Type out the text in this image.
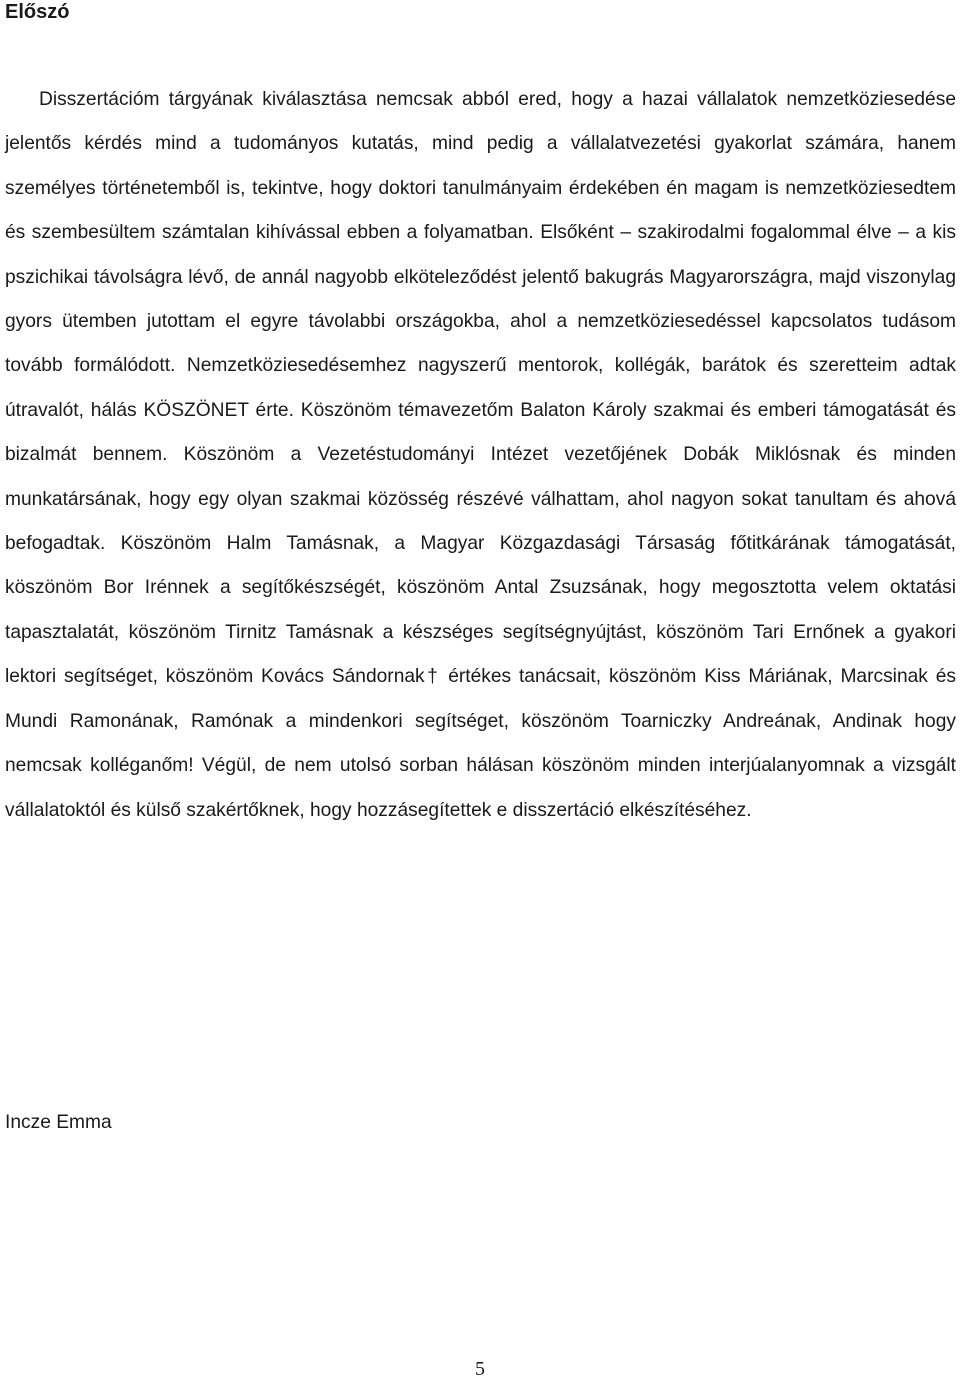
Előszó

Disszertációm tárgyának kiválasztása nemcsak abból ered, hogy a hazai vállalatok nemzetköziesedése jelentős kérdés mind a tudományos kutatás, mind pedig a vállalatvezetési gyakorlat számára, hanem személyes történetemből is, tekintve, hogy doktori tanulmányaim érdekében én magam is nemzetköziesedtem és szembesültem számtalan kihívással ebben a folyamatban. Elsőként – szakirodalmi fogalommal élve – a kis pszichikai távolságra lévő, de annál nagyobb elköteleződést jelentő bakugrás Magyarországra, majd viszonylag gyors ütemben jutottam el egyre távolabbi országokba, ahol a nemzetköziesedéssel kapcsolatos tudásom tovább formálódott. Nemzetköziesedésemhez nagyszerű mentorok, kollégák, barátok és szeretteim adtak útravalót, hálás KÖSZÖNET érte. Köszönöm témavezetőm Balaton Károly szakmai és emberi támogatását és bizalmát bennem. Köszönöm a Vezetéstudományi Intézet vezetőjének Dobák Miklósnak és minden munkatársának, hogy egy olyan szakmai közösség részévé válhattam, ahol nagyon sokat tanultam és ahová befogadtak. Köszönöm Halm Tamásnak, a Magyar Közgazdasági Társaság főtitkárának támogatását, köszönöm Bor Irénnek a segítőkészségét, köszönöm Antal Zsuzsának, hogy megosztotta velem oktatási tapasztalatát, köszönöm Tirnitz Tamásnak a készséges segítségnyújtást, köszönöm Tari Ernőnek a gyakori lektori segítséget, köszönöm Kovács Sándornak† értékes tanácsait, köszönöm Kiss Máriának, Marcsinak és Mundi Ramonának, Ramónak a mindenkori segítséget, köszönöm Toarniczky Andreának, Andinak hogy nemcsak kolléganőm! Végül, de nem utolsó sorban hálásan köszönöm minden interjúalanyomnak a vizsgált vállalatoktól és külső szakértőknek, hogy hozzásegítettek e disszertáció elkészítéséhez.

Incze Emma

5
